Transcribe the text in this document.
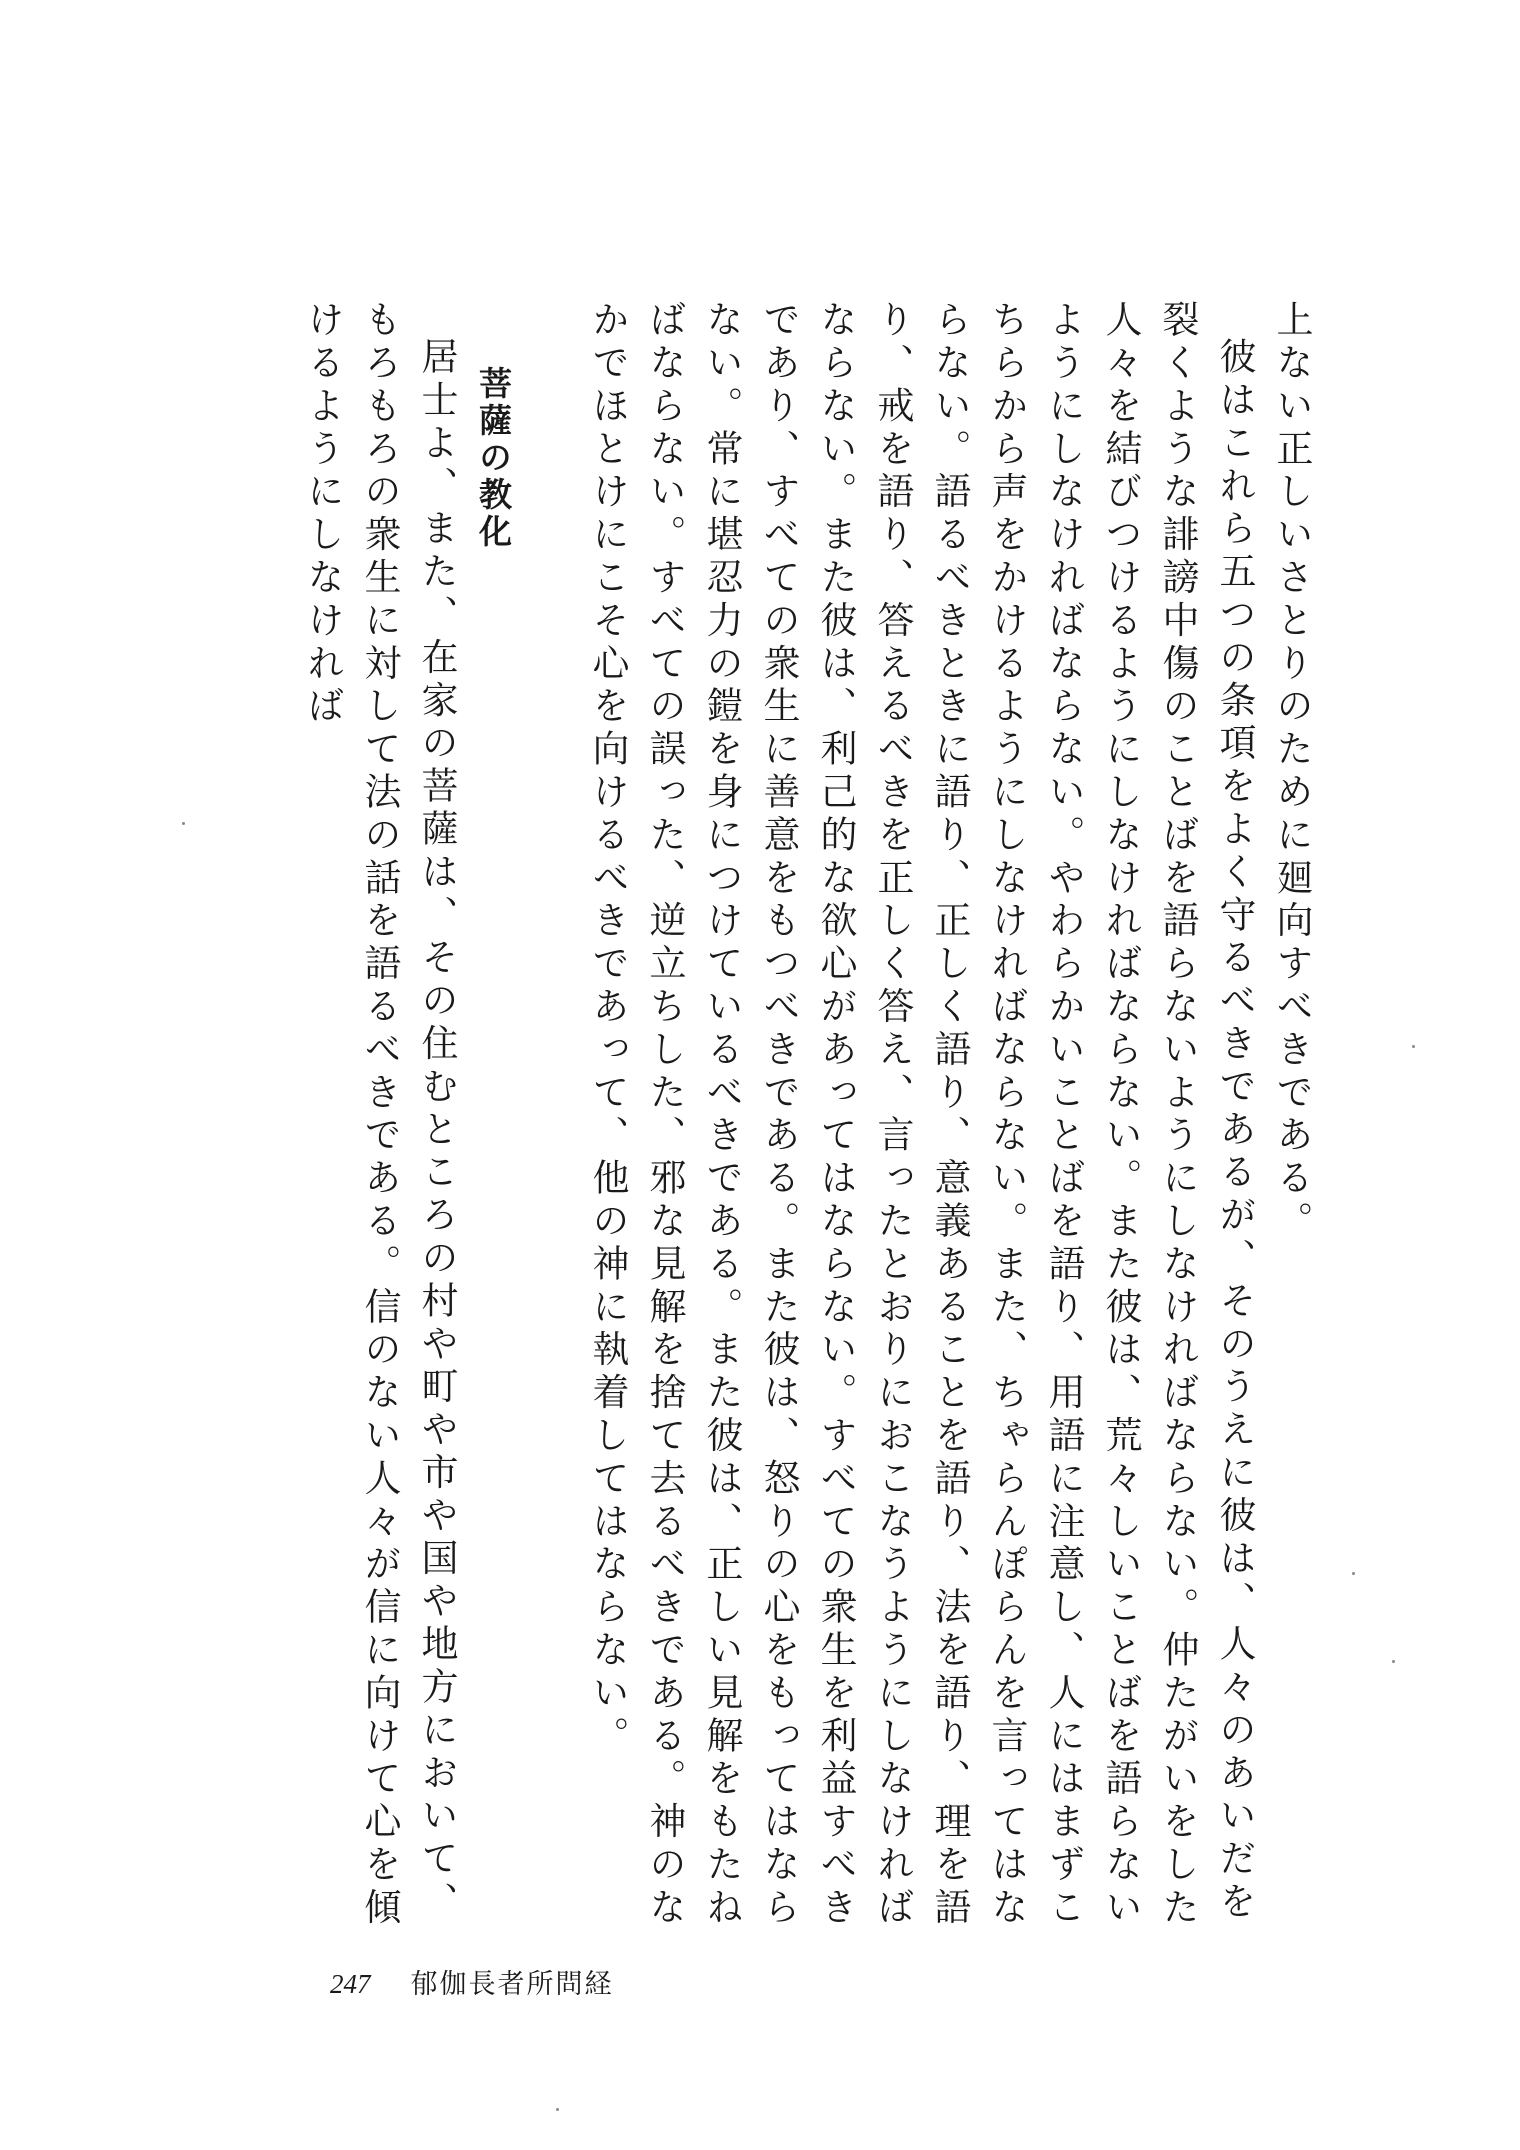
上ない正しいさとりのために廻向すべきである。

彼はこれら五つの条項をよく守るべきであるが、そのうえに彼は、人々のあいだを裂くような誹謗中傷のことばを語らないようにしなければならない。仲たがいをした人々を結びつけるようにしなければならない。また彼は、荒々しいことばを語らないようにしなければならない。やわらかいことばを語り、用語に注意し、人にはまずこちらから声をかけるようにしなければならない。また、ちゃらんぽらんを言ってはならない。語るべきときに語り、正しく語り、意義あることを語り、法を語り、理を語り、戒を語り、答えるべきを正しく答え、言ったとおりにおこなうようにしなければならない。また彼は、利己的な欲心があってはならない。すべての衆生を利益すべきであり、すべての衆生に善意をもつべきである。また彼は、怒りの心をもってはならない。常に堪忍力の鎧を身につけているべきである。また彼は、正しい見解をもたねばならない。すべての誤った、逆立ちした、邪な見解を捨て去るべきである。神のなかでほとけにこそ心を向けるべきであって、他の神に執着してはならない。

菩薩の教化

居士よ、また、在家の菩薩は、その住むところの村や町や市や国や地方において、もろもろの衆生に対して法の話を語るべきである。信のない人々が信に向けて心を傾けるようにしなければ

247 郁伽長者所問経
